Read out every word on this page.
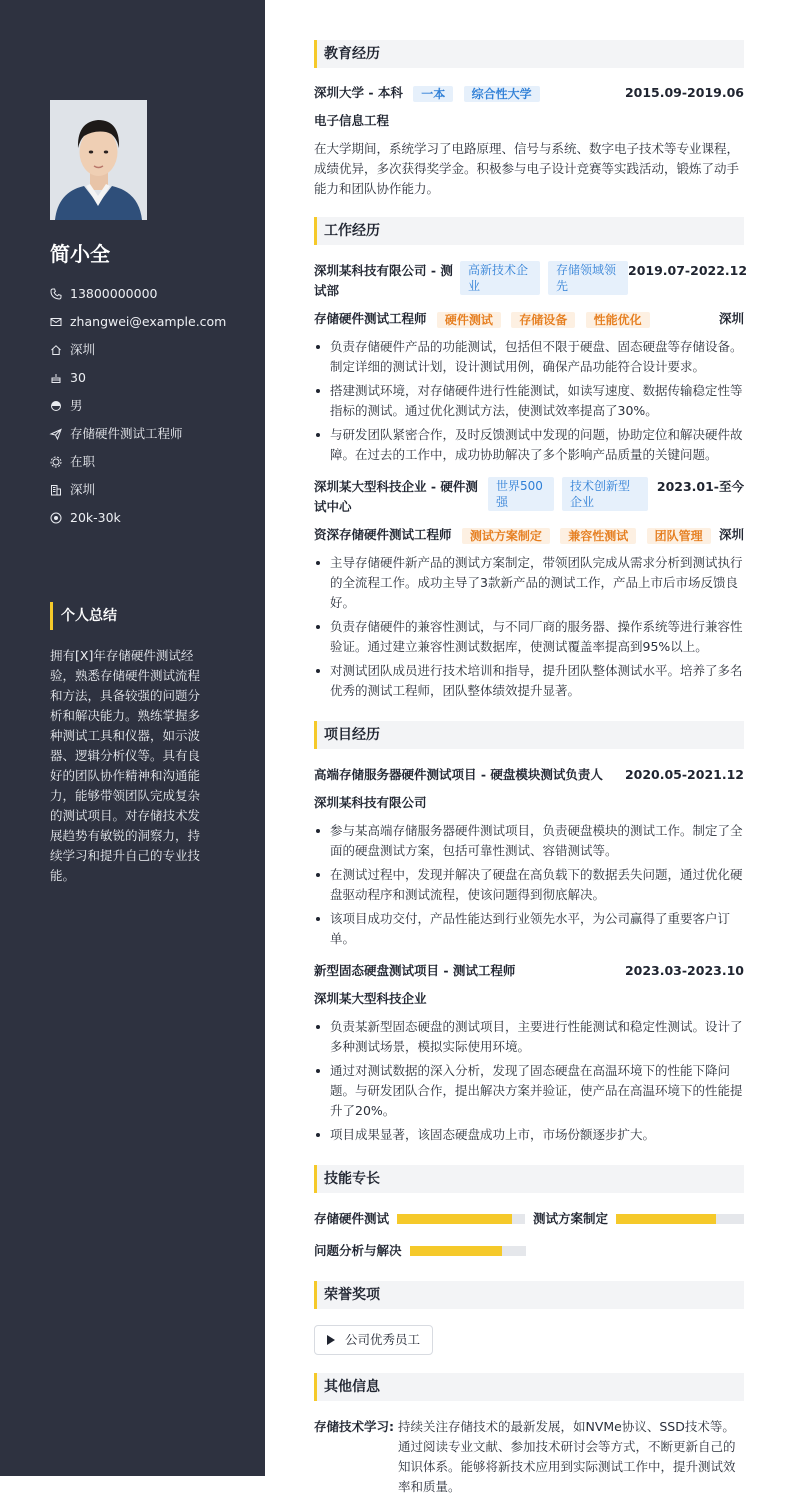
简小全
13800000000
zhangwei@example.com
深圳
30
男
存储硬件测试工程师
在职
深圳
20k-30k
个人总结
拥有[X]年存储硬件测试经验，熟悉存储硬件测试流程和方法，具备较强的问题分析和解决能力。熟练掌握多种测试工具和仪器，如示波器、逻辑分析仪等。具有良好的团队协作精神和沟通能力，能够带领团队完成复杂的测试项目。对存储技术发展趋势有敏锐的洞察力，持续学习和提升自己的专业技能。
教育经历
深圳大学 - 本科 一本 综合性大学	2015.09-2019.06
电子信息工程
在大学期间，系统学习了电路原理、信号与系统、数字电子技术等专业课程，成绩优异，多次获得奖学金。积极参与电子设计竞赛等实践活动，锻炼了动手能力和团队协作能力。
工作经历
深圳某科技有限公司 - 测试部
高新技术企业
存储领域领先
2019.07-2022.12
存储硬件测试工程师 硬件测试 存储设备 性能优化	深圳
负责存储硬件产品的功能测试，包括但不限于硬盘、固态硬盘等存储设备。制定详细的测试计划，设计测试用例，确保产品功能符合设计要求。
搭建测试环境，对存储硬件进行性能测试，如读写速度、数据传输稳定性等指标的测试。通过优化测试方法，使测试效率提高了30%。
与研发团队紧密合作，及时反馈测试中发现的问题，协助定位和解决硬件故障。在过去的工作中，成功协助解决了多个影响产品质量的关键问题。
深圳某大型科技企业 - 硬件测试中心
世界500强
技术创新型企业
2023.01-至今
资深存储硬件测试工程师 测试方案制定 兼容性测试 团队管理	深圳
主导存储硬件新产品的测试方案制定，带领团队完成从需求分析到测试执行的全流程工作。成功主导了3款新产品的测试工作，产品上市后市场反馈良好。
负责存储硬件的兼容性测试，与不同厂商的服务器、操作系统等进行兼容性验证。通过建立兼容性测试数据库，使测试覆盖率提高到95%以上。
对测试团队成员进行技术培训和指导，提升团队整体测试水平。培养了多名优秀的测试工程师，团队整体绩效提升显著。
项目经历
高端存储服务器硬件测试项目 - 硬盘模块测试负责人 2020.05-2021.12
深圳某科技有限公司
参与某高端存储服务器硬件测试项目，负责硬盘模块的测试工作。制定了全面的硬盘测试方案，包括可靠性测试、容错测试等。
在测试过程中，发现并解决了硬盘在高负载下的数据丢失问题，通过优化硬盘驱动程序和测试流程，使该问题得到彻底解决。
该项目成功交付，产品性能达到行业领先水平，为公司赢得了重要客户订单。
新型固态硬盘测试项目 - 测试工程师	2023.03-2023.10
深圳某大型科技企业
负责某新型固态硬盘的测试项目，主要进行性能测试和稳定性测试。设计了多种测试场景，模拟实际使用环境。
通过对测试数据的深入分析，发现了固态硬盘在高温环境下的性能下降问题。与研发团队合作，提出解决方案并验证，使产品在高温环境下的性能提升了20%。
项目成果显著，该固态硬盘成功上市，市场份额逐步扩大。
技能专长
存储硬件测试	测试方案制定
问题分析与解决
荣誉奖项
公司优秀员工
其他信息
存储技术学习: 持续关注存储技术的最新发展，如NVMe协议、SSD技术等。通过阅读专业文献、参加技术研讨会等方式，不断更新自己的知识体系。能够将新技术应用到实际测试工作中，提升测试效率和质量。
